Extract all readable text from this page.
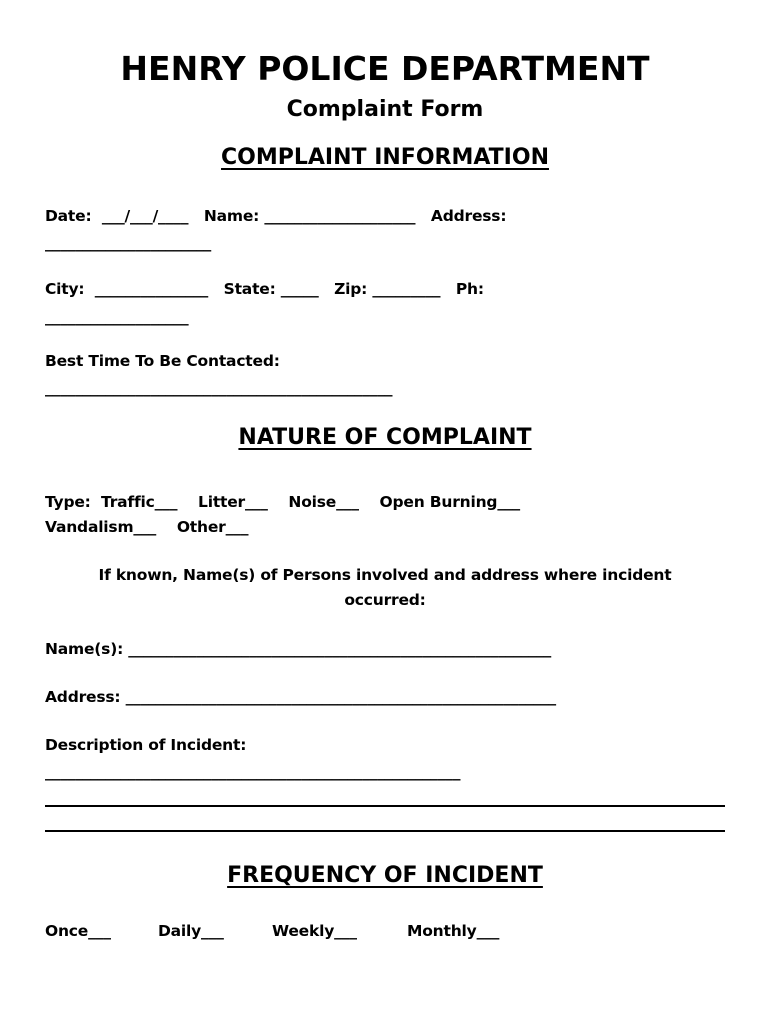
HENRY POLICE DEPARTMENT
Complaint Form
COMPLAINT INFORMATION
Date:  ___/___/____   Name: ____________________   Address:
______________________
City:  _______________   State: _____   Zip: _________   Ph:
___________________
Best Time To Be Contacted:
______________________________________________
NATURE OF COMPLAINT
Type:  Traffic___    Litter___    Noise___    Open Burning___
Vandalism___    Other___
If known, Name(s) of Persons involved and address where incident
occurred:
Name(s): ________________________________________________________
Address: _________________________________________________________
Description of Incident:
_______________________________________________________
FREQUENCY OF INCIDENT
Once___	Daily___	Weekly___	Monthly___
